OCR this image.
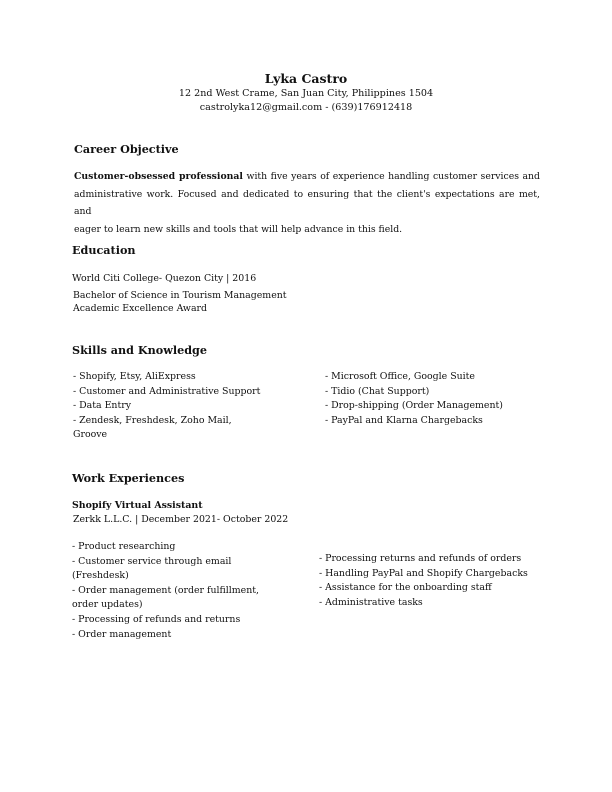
Lyka Castro
12 2nd West Crame, San Juan City, Philippines 1504
castrolyka12@gmail.com - (639)176912418
Career Objective
Customer-obsessed professional with five years of experience handling customer services and
administrative work. Focused and dedicated to ensuring that the client's expectations are met, and
eager to learn new skills and tools that will help advance in this field.
Education
World Citi College- Quezon City | 2016
Bachelor of Science in Tourism Management
Academic Excellence Award
Skills and Knowledge
- Shopify, Etsy, AliExpress
- Customer and Administrative Support
- Data Entry
- Zendesk, Freshdesk, Zoho Mail, Groove
- Microsoft Office, Google Suite
- Tidio (Chat Support)
- Drop-shipping (Order Management)
- PayPal and Klarna Chargebacks
Work Experiences
Shopify Virtual Assistant
Zerkk L.L.C. | December 2021- October 2022
- Product researching
- Customer service through email (Freshdesk)
- Order management (order fulfillment, order updates)
- Processing of refunds and returns
- Order management
- Processing returns and refunds of orders
- Handling PayPal and Shopify Chargebacks
- Assistance for the onboarding staff
- Administrative tasks
